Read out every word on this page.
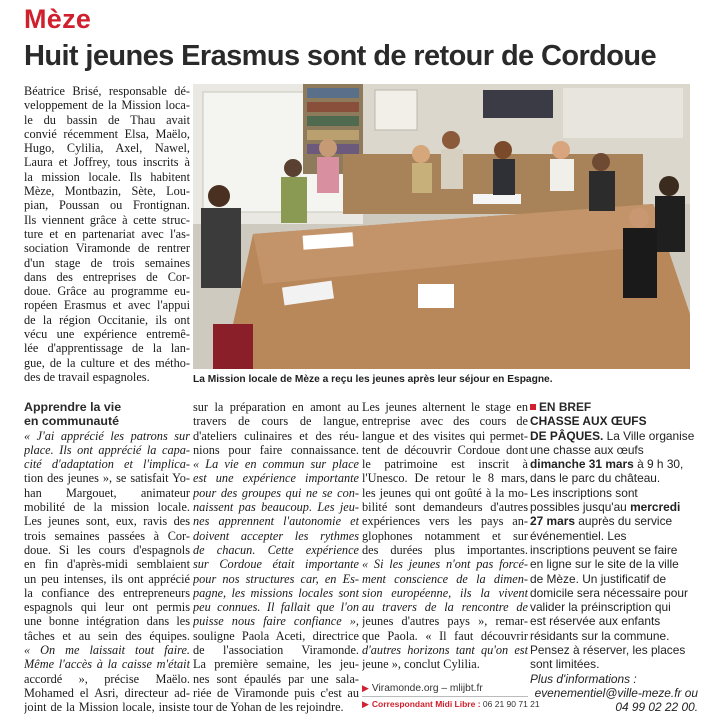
Mèze
Huit jeunes Erasmus sont de retour de Cordoue
Béatrice Brisé, responsable dé-
veloppement de la Mission loca-
le du bassin de Thau avait
convié récemment Elsa, Maëlo,
Hugo, Cylilia, Axel, Nawel,
Laura et Joffrey, tous inscrits à
la mission locale. Ils habitent
Mèze, Montbazin, Sète, Lou-
pian, Poussan ou Frontignan.
Ils viennent grâce à cette struc-
ture et en partenariat avec l'as-
sociation Viramonde de rentrer
d'un stage de trois semaines
dans des entreprises de Cor-
doue. Grâce au programme eu-
ropéen Erasmus et avec l'appui
de la région Occitanie, ils ont
vécu une expérience entremê-
lée d'apprentissage de la lan-
gue, de la culture et des métho-
des de travail espagnoles.	La Mission locale de Mèze a reçu les jeunes après leur séjour en Espagne.
Apprendre la vie
en communauté
« J'ai apprécié les patrons sur
place. Ils ont apprécié la capa-
cité d'adaptation et l'implica-
tion des jeunes », se satisfait Yo-
han Margouet, animateur
mobilité de la mission locale.
Les jeunes sont, eux, ravis des
trois semaines passées à Cor-
doue. Si les cours d'espagnols
en fin d'après-midi semblaient
un peu intenses, ils ont apprécié
la confiance des entrepreneurs
espagnols qui leur ont permis
une bonne intégration dans les
tâches et au sein des équipes.
« On me laissait tout faire.
Même l'accès à la caisse m'était
accordé », précise Maëlo.
Mohamed el Asri, directeur ad-
joint de la Mission locale, insiste
sur la préparation en amont au
travers de cours de langue,
d'ateliers culinaires et des réu-
nions pour faire connaissance.
« La vie en commun sur place
est une expérience importante
pour des groupes qui ne se con-
naissent pas beaucoup. Les jeu-
nes apprennent l'autonomie et
doivent accepter les rythmes
de chacun. Cette expérience
sur Cordoue était importante
pour nos structures car, en Es-
pagne, les missions locales sont
peu connues. Il fallait que l'on
puisse nous faire confiance »,
souligne Paola Aceti, directrice
de l'association Viramonde.
La première semaine, les jeu-
nes sont épaulés par une sala-
riée de Viramonde puis c'est au
tour de Yohan de les rejoindre.
Les jeunes alternent le stage en
entreprise avec des cours de
langue et des visites qui permet-
tent de découvrir Cordoue dont
le patrimoine est inscrit à
l'Unesco. De retour le 8 mars,
les jeunes qui ont goûté à la mo-
bilité sont demandeurs d'autres
expériences vers les pays an-
glophones notamment et sur
des durées plus importantes.
« Si les jeunes n'ont pas forcé-
ment conscience de la dimen-
sion européenne, ils la vivent
au travers de la rencontre de
jeunes d'autres pays », remar-
que Paola. « Il faut découvrir
d'autres horizons tant qu'on est
jeune », conclut Cylilia.
▶ Viramonde.org – mlijbt.fr
▶ Correspondant Midi Libre : 06 21 90 71 21
EN BREF
CHASSE AUX ŒUFS
DE PÂQUES. La Ville organise
une chasse aux œufs
dimanche 31 mars à 9 h 30,
dans le parc du château.
Les inscriptions sont
possibles jusqu'au mercredi
27 mars auprès du service
événementiel. Les
inscriptions peuvent se faire
en ligne sur le site de la ville
de Mèze. Un justificatif de
domicile sera nécessaire pour
valider la préinscription qui
est réservée aux enfants
résidants sur la commune.
Pensez à réserver, les places
sont limitées.
Plus d'informations :
evenementiel@ville-meze.fr ou
04 99 02 22 00.
